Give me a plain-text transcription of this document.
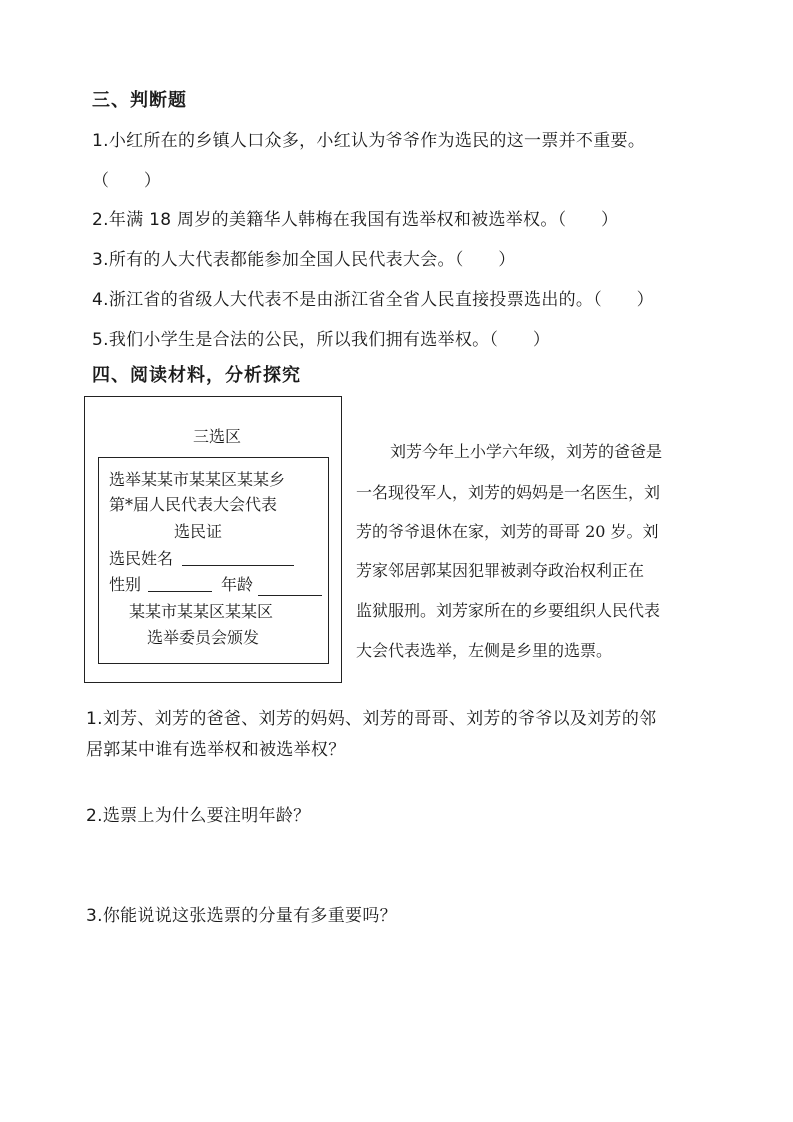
三、判断题
1.小红所在的乡镇人口众多，小红认为爷爷作为选民的这一票并不重要。
（　　）
2.年满 18 周岁的美籍华人韩梅在我国有选举权和被选举权。（　　）
3.所有的人大代表都能参加全国人民代表大会。（　　）
4.浙江省的省级人大代表不是由浙江省全省人民直接投票选出的。（　　）
5.我们小学生是合法的公民，所以我们拥有选举权。（　　）
四、阅读材料，分析探究
三选区
选举某某市某某区某某乡
第*届人民代表大会代表
选民证
选民姓名
性别	年龄
某某市某某区某某区
选举委员会颁发
刘芳今年上小学六年级，刘芳的爸爸是
一名现役军人，刘芳的妈妈是一名医生，刘
芳的爷爷退休在家，刘芳的哥哥 20 岁。刘
芳家邻居郭某因犯罪被剥夺政治权利正在
监狱服刑。刘芳家所在的乡要组织人民代表
大会代表选举，左侧是乡里的选票。
1.刘芳、刘芳的爸爸、刘芳的妈妈、刘芳的哥哥、刘芳的爷爷以及刘芳的邻
居郭某中谁有选举权和被选举权？
2.选票上为什么要注明年龄？
3.你能说说这张选票的分量有多重要吗？
